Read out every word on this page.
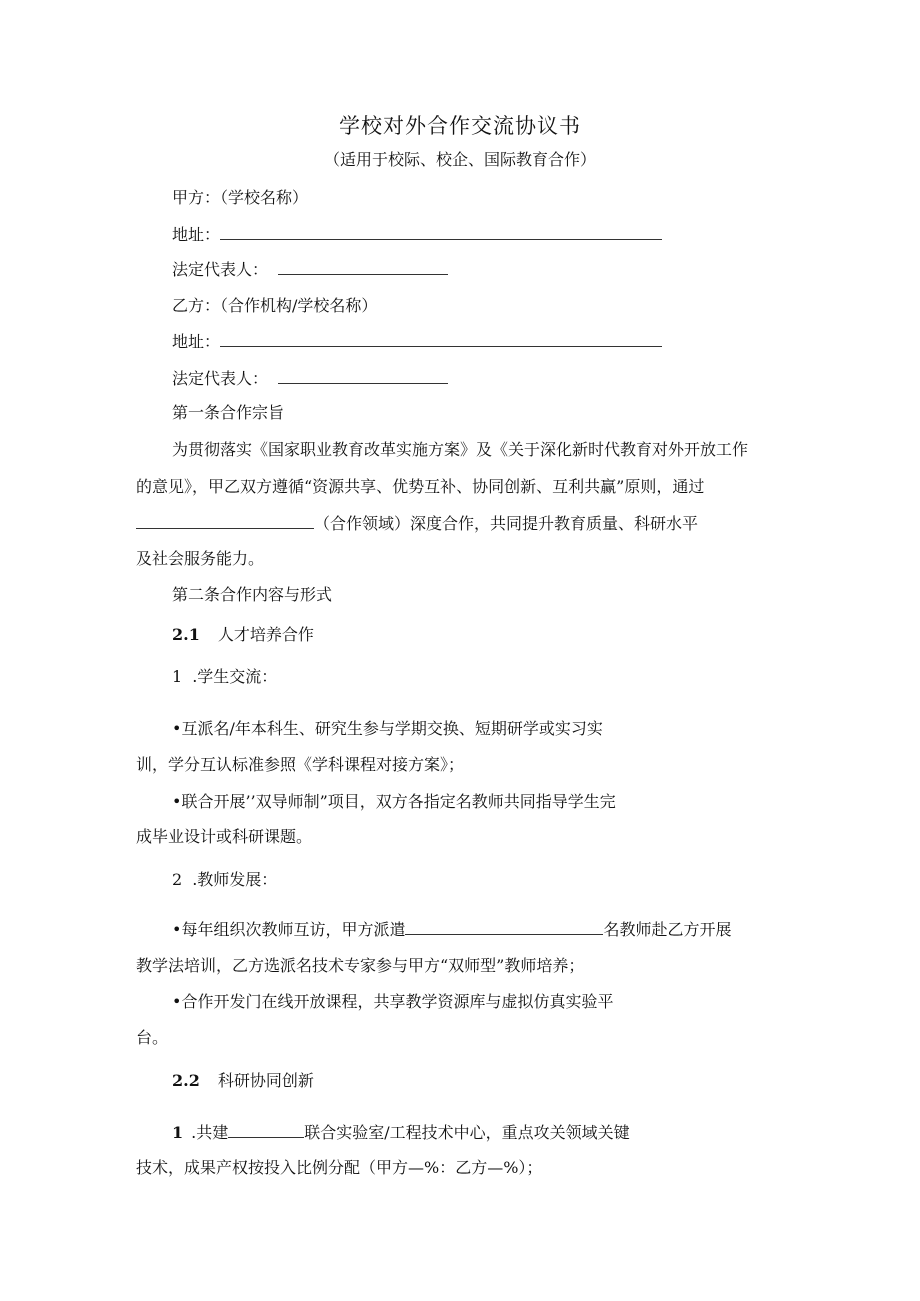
学校对外合作交流协议书
（适用于校际、校企、国际教育合作）

甲方：（学校名称）

地址：

法定代表人：

乙方：（合作机构/学校名称）

地址：

法定代表人：

第一条合作宗旨

为贯彻落实《国家职业教育改革实施方案》及《关于深化新时代教育对外开放工作

的意见》，甲乙双方遵循“资源共享、优势互补、协同创新、互利共赢”原则，通过

（合作领域）深度合作，共同提升教育质量、科研水平

及社会服务能力。

第二条合作内容与形式

2.1 人才培养合作

1 .学生交流：

•互派名/年本科生、研究生参与学期交换、短期研学或实习实

训，学分互认标准参照《学科课程对接方案》；

•联合开展’’双导师制”项目，双方各指定名教师共同指导学生完

成毕业设计或科研课题。

2 .教师发展：

•每年组织次教师互访，甲方派遣	名教师赴乙方开展

教学法培训，乙方选派名技术专家参与甲方“双师型”教师培养；

•合作开发门在线开放课程，共享教学资源库与虚拟仿真实验平

台。

2.2 科研协同创新

1 .共建	联合实验室/工程技术中心，重点攻关领域关键

技术，成果产权按投入比例分配（甲方—%：乙方—%）；
